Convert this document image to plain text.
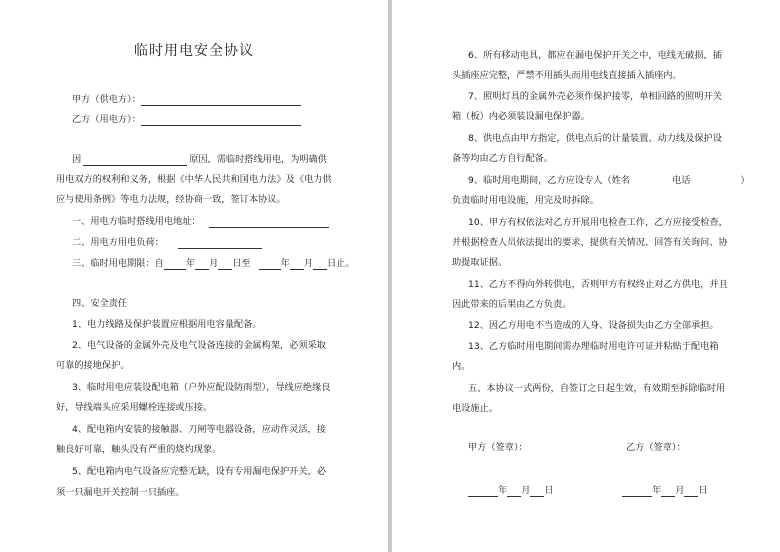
临时用电安全协议
甲方（供电方）：
乙方（用电方）：
因	原因，需临时搭线用电，为明确供
用电双方的权利和义务，根据《中华人民共和国电力法》及《电力供
应与使用条例》等电力法规，经协商一致，签订本协议。
一、用电方临时搭线用电地址：
二、用电方用电负荷：
三、临时用电期限：自 年 月 日至	年 月 日止。
四、安全责任
1、电力线路及保护装置应根据用电容量配备。
2、电气设备的金属外壳及电气设备连接的金属构架，必须采取
可靠的接地保护。
3、临时用电应装设配电箱（户外应配设防雨型），导线应绝缘良
好，导线端头应采用螺栓连接或压接。
4、配电箱内安装的接触器、刀闸等电器设备，应动作灵活，接
触良好可靠，触头没有严重的烧灼现象。
5、配电箱内电气设备应完整无缺，设有专用漏电保护开关，必
须一只漏电开关控制一只插座。
6、所有移动电具，都应在漏电保护开关之中，电线无破损，插
头插座应完整，严禁不用插头而用电线直接插入插座内。
7、照明灯具的金属外壳必须作保护接零，单相回路的照明开关
箱（板）内必须装设漏电保护器。
8、供电点由甲方指定，供电点后的计量装置、动力线及保护设
备等均由乙方自行配备。
9、临时用电期间，乙方应设专人（姓名	电话	）
负责临时用电设施，用完及时拆除。
10、甲方有权依法对乙方开展用电检查工作，乙方应接受检查，
并根据检查人员依法提出的要求，提供有关情况、回答有关询问、协
助提取证据。
11、乙方不得向外转供电，否则甲方有权终止对乙方供电，并且
因此带来的后果由乙方负责。
12、因乙方用电不当造成的人身、设备损失由乙方全部承担。
13、乙方临时用电期间需办理临时用电许可证并粘贴于配电箱
内。
五、本协议一式两份，自签订之日起生效，有效期至拆除临时用
电设施止。
甲方（签章）：	乙方（签章）：
年 月 日	年 月 日
